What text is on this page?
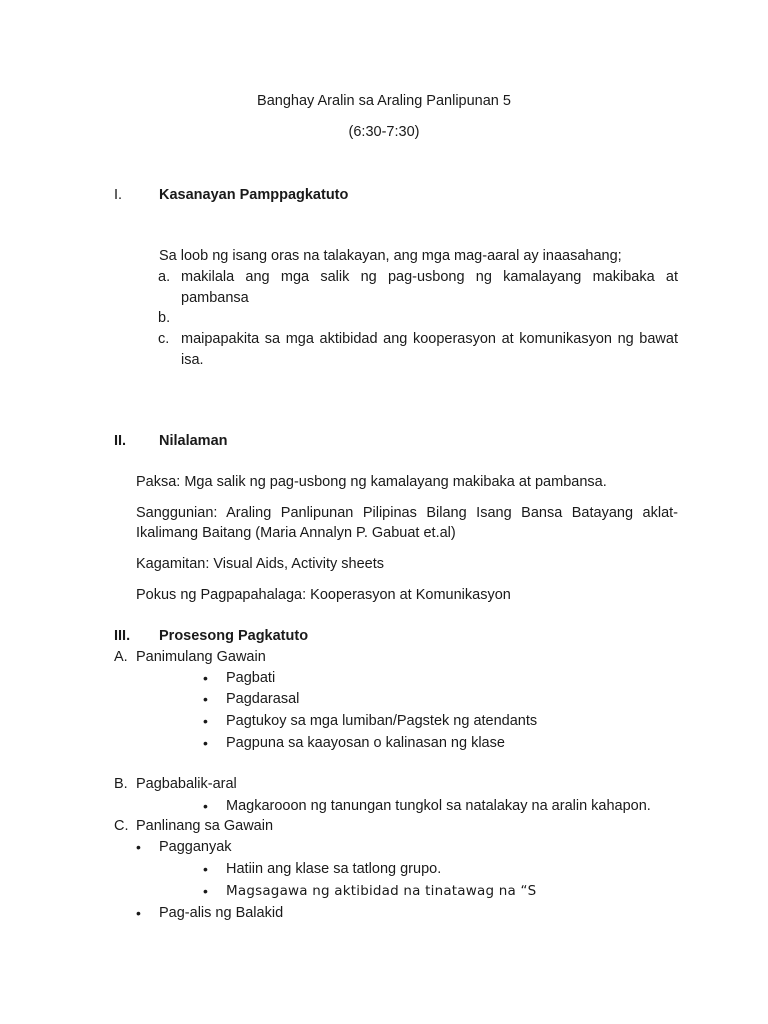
Banghay Aralin sa Araling Panlipunan 5
(6:30-7:30)
I.	Kasanayan Pamppagkatuto
Sa loob ng isang oras na talakayan, ang mga mag-aaral ay inaasahang;
a. makilala ang mga salik ng pag-usbong ng kamalayang makibaka at
pambansa
b.
c. maipapakita sa mga aktibidad ang kooperasyon at komunikasyon ng bawat
isa.
II. Nilalaman
Paksa: Mga salik ng pag-usbong ng kamalayang makibaka at pambansa.
Sanggunian: Araling Panlipunan Pilipinas Bilang Isang Bansa Batayang aklat-
Ikalimang Baitang (Maria Annalyn P. Gabuat et.al)
Kagamitan: Visual Aids, Activity sheets
Pokus ng Pagpapahalaga: Kooperasyon at Komunikasyon
III. Prosesong Pagkatuto
A. Panimulang Gawain
• Pagbati
• Pagdarasal
• Pagtukoy sa mga lumiban/Pagstek ng atendants
• Pagpuna sa kaayosan o kalinasan ng klase
B. Pagbabalik-aral
• Magkarooon ng tanungan tungkol sa natalakay na aralin kahapon.
C. Panlinang sa Gawain
• Pagganyak
• Hatiin ang klase sa tatlong grupo.
• Magsagawa ng aktibidad na tinatawag na “S
• Pag-alis ng Balakid
